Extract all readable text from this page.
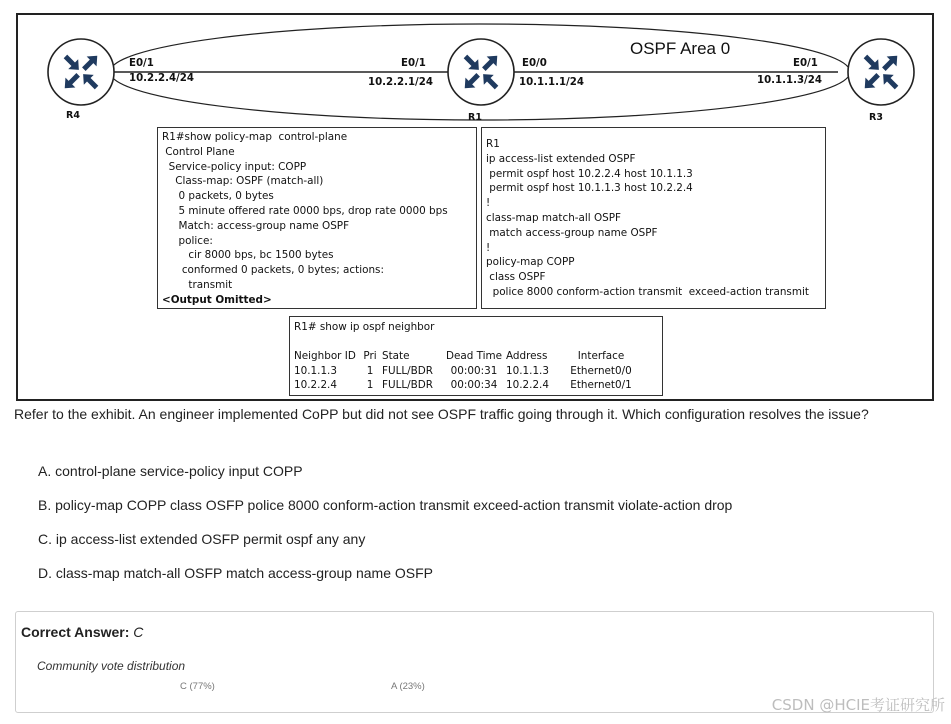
OSPF Area 0
E0/1
10.2.2.4/24
E0/1
10.2.2.1/24
E0/0
10.1.1.1/24
E0/1
10.1.1.3/24
R4	R1	R3
R1#show policy-map  control-plane
Control Plane
Service-policy input: COPP
Class-map: OSPF (match-all)
0 packets, 0 bytes
5 minute offered rate 0000 bps, drop rate 0000 bps
Match: access-group name OSPF
police:
cir 8000 bps, bc 1500 bytes
conformed 0 packets, 0 bytes; actions:
transmit
<Output Omitted>
R1
ip access-list extended OSPF
permit ospf host 10.2.2.4 host 10.1.1.3
permit ospf host 10.1.1.3 host 10.2.2.4
!
class-map match-all OSPF
match access-group name OSPF
!
policy-map COPP
class OSPF
police 8000 conform-action transmit  exceed-action transmit
R1# show ip ospf neighbor
Neighbor ID	Pri	State	Dead Time	Address	Interface
10.1.1.3	1	FULL/BDR	00:00:31	10.1.1.3	Ethernet0/0
10.2.2.4	1	FULL/BDR	00:00:34	10.2.2.4	Ethernet0/1
Refer to the exhibit. An engineer implemented CoPP but did not see OSPF traffic going through it. Which configuration resolves the issue?
A. control-plane service-policy input COPP
B. policy-map COPP class OSFP police 8000 conform-action transmit exceed-action transmit violate-action drop
C. ip access-list extended OSFP permit ospf any any
D. class-map match-all OSFP match access-group name OSFP
Correct Answer: C
Community vote distribution
C (77%)	A (23%)
CSDN @HCIE考证研究所
